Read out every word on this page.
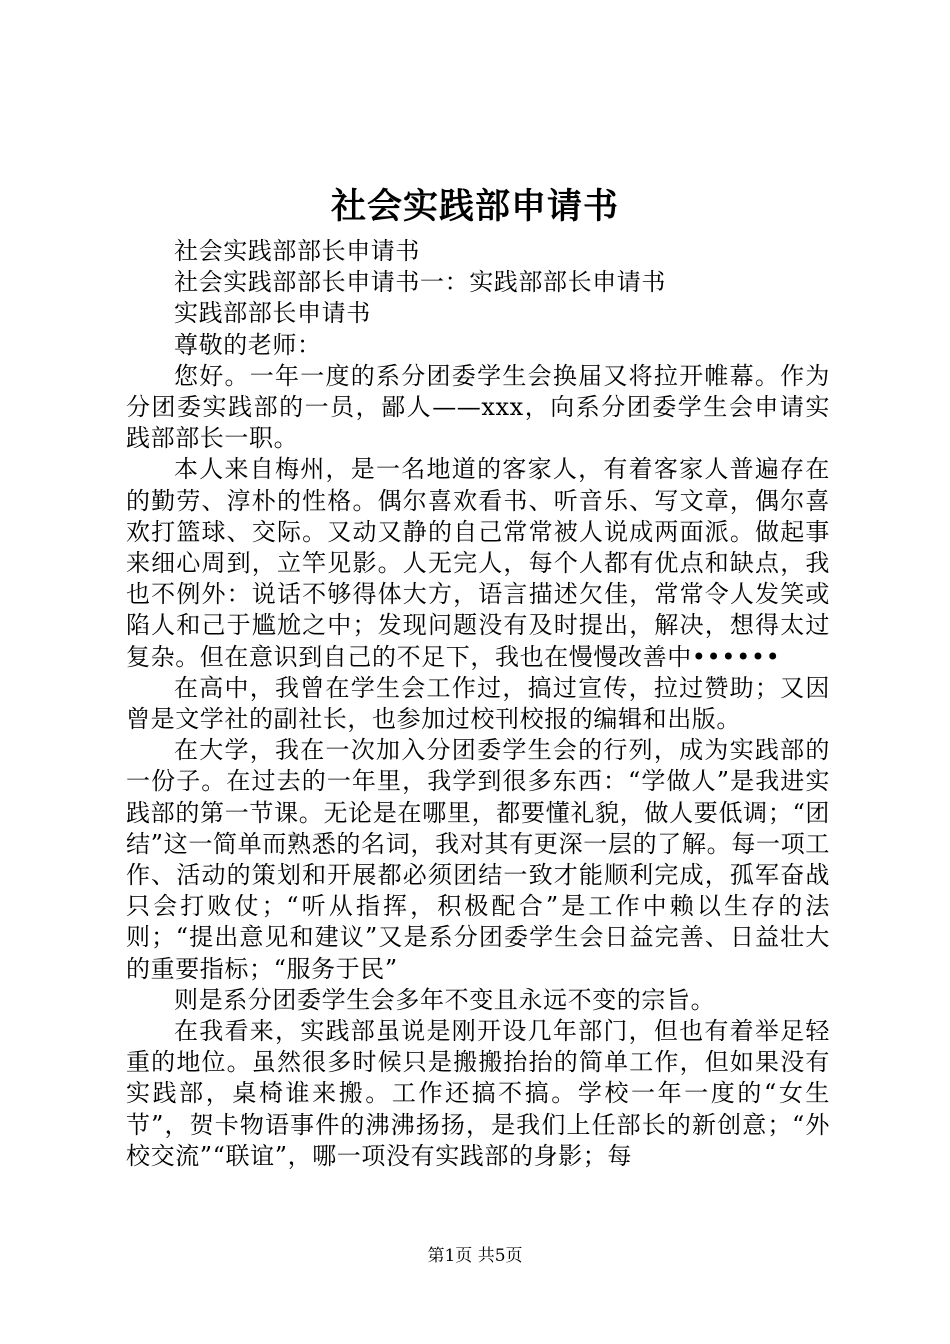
社会实践部申请书

社会实践部部长申请书

社会实践部部长申请书一：实践部部长申请书

实践部部长申请书

尊敬的老师：

您好。一年一度的系分团委学生会换届又将拉开帷幕。作为分团委实践部的一员，鄙人——xxx，向系分团委学生会申请实践部部长一职。

本人来自梅州，是一名地道的客家人，有着客家人普遍存在的勤劳、淳朴的性格。偶尔喜欢看书、听音乐、写文章，偶尔喜欢打篮球、交际。又动又静的自己常常被人说成两面派。做起事来细心周到，立竿见影。人无完人，每个人都有优点和缺点，我也不例外：说话不够得体大方，语言描述欠佳，常常令人发笑或陷人和己于尴尬之中；发现问题没有及时提出，解决，想得太过复杂。但在意识到自己的不足下，我也在慢慢改善中••••••

在高中，我曾在学生会工作过，搞过宣传，拉过赞助；又因曾是文学社的副社长，也参加过校刊校报的编辑和出版。

在大学，我在一次加入分团委学生会的行列，成为实践部的一份子。在过去的一年里，我学到很多东西：“学做人”是我进实践部的第一节课。无论是在哪里，都要懂礼貌，做人要低调；“团结”这一简单而熟悉的名词，我对其有更深一层的了解。每一项工作、活动的策划和开展都必须团结一致才能顺利完成，孤军奋战只会打败仗；“听从指挥，积极配合”是工作中赖以生存的法则；“提出意见和建议”又是系分团委学生会日益完善、日益壮大的重要指标；“服务于民”

则是系分团委学生会多年不变且永远不变的宗旨。

在我看来，实践部虽说是刚开设几年部门，但也有着举足轻重的地位。虽然很多时候只是搬搬抬抬的简单工作，但如果没有实践部，桌椅谁来搬。工作还搞不搞。学校一年一度的“女生节”，贺卡物语事件的沸沸扬扬，是我们上任部长的新创意；“外校交流”“联谊”，哪一项没有实践部的身影；每

第1页 共5页
